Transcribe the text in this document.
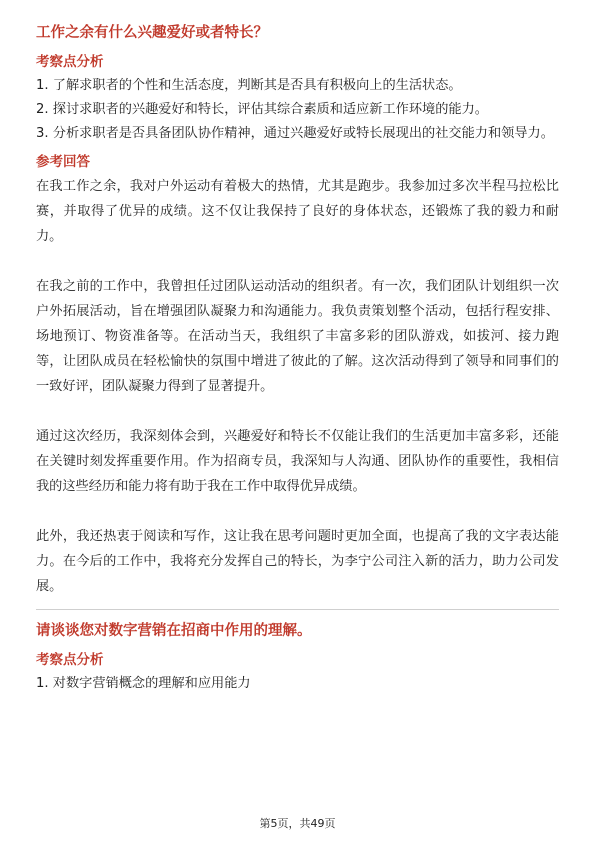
工作之余有什么兴趣爱好或者特长？
考察点分析

1. 了解求职者的个性和生活态度，判断其是否具有积极向上的生活状态。

2. 探讨求职者的兴趣爱好和特长，评估其综合素质和适应新工作环境的能力。

3. 分析求职者是否具备团队协作精神，通过兴趣爱好或特长展现出的社交能力和领导力。

参考回答

在我工作之余，我对户外运动有着极大的热情，尤其是跑步。我参加过多次半程马拉松比赛，并取得了优异的成绩。这不仅让我保持了良好的身体状态，还锻炼了我的毅力和耐力。

在我之前的工作中，我曾担任过团队运动活动的组织者。有一次，我们团队计划组织一次户外拓展活动，旨在增强团队凝聚力和沟通能力。我负责策划整个活动，包括行程安排、场地预订、物资准备等。在活动当天，我组织了丰富多彩的团队游戏，如拔河、接力跑等，让团队成员在轻松愉快的氛围中增进了彼此的了解。这次活动得到了领导和同事们的一致好评，团队凝聚力得到了显著提升。

通过这次经历，我深刻体会到，兴趣爱好和特长不仅能让我们的生活更加丰富多彩，还能在关键时刻发挥重要作用。作为招商专员，我深知与人沟通、团队协作的重要性，我相信我的这些经历和能力将有助于我在工作中取得优异成绩。

此外，我还热衷于阅读和写作，这让我在思考问题时更加全面，也提高了我的文字表达能力。在今后的工作中，我将充分发挥自己的特长，为李宁公司注入新的活力，助力公司发展。

请谈谈您对数字营销在招商中作用的理解。
考察点分析

1. 对数字营销概念的理解和应用能力

第5页，共49页
